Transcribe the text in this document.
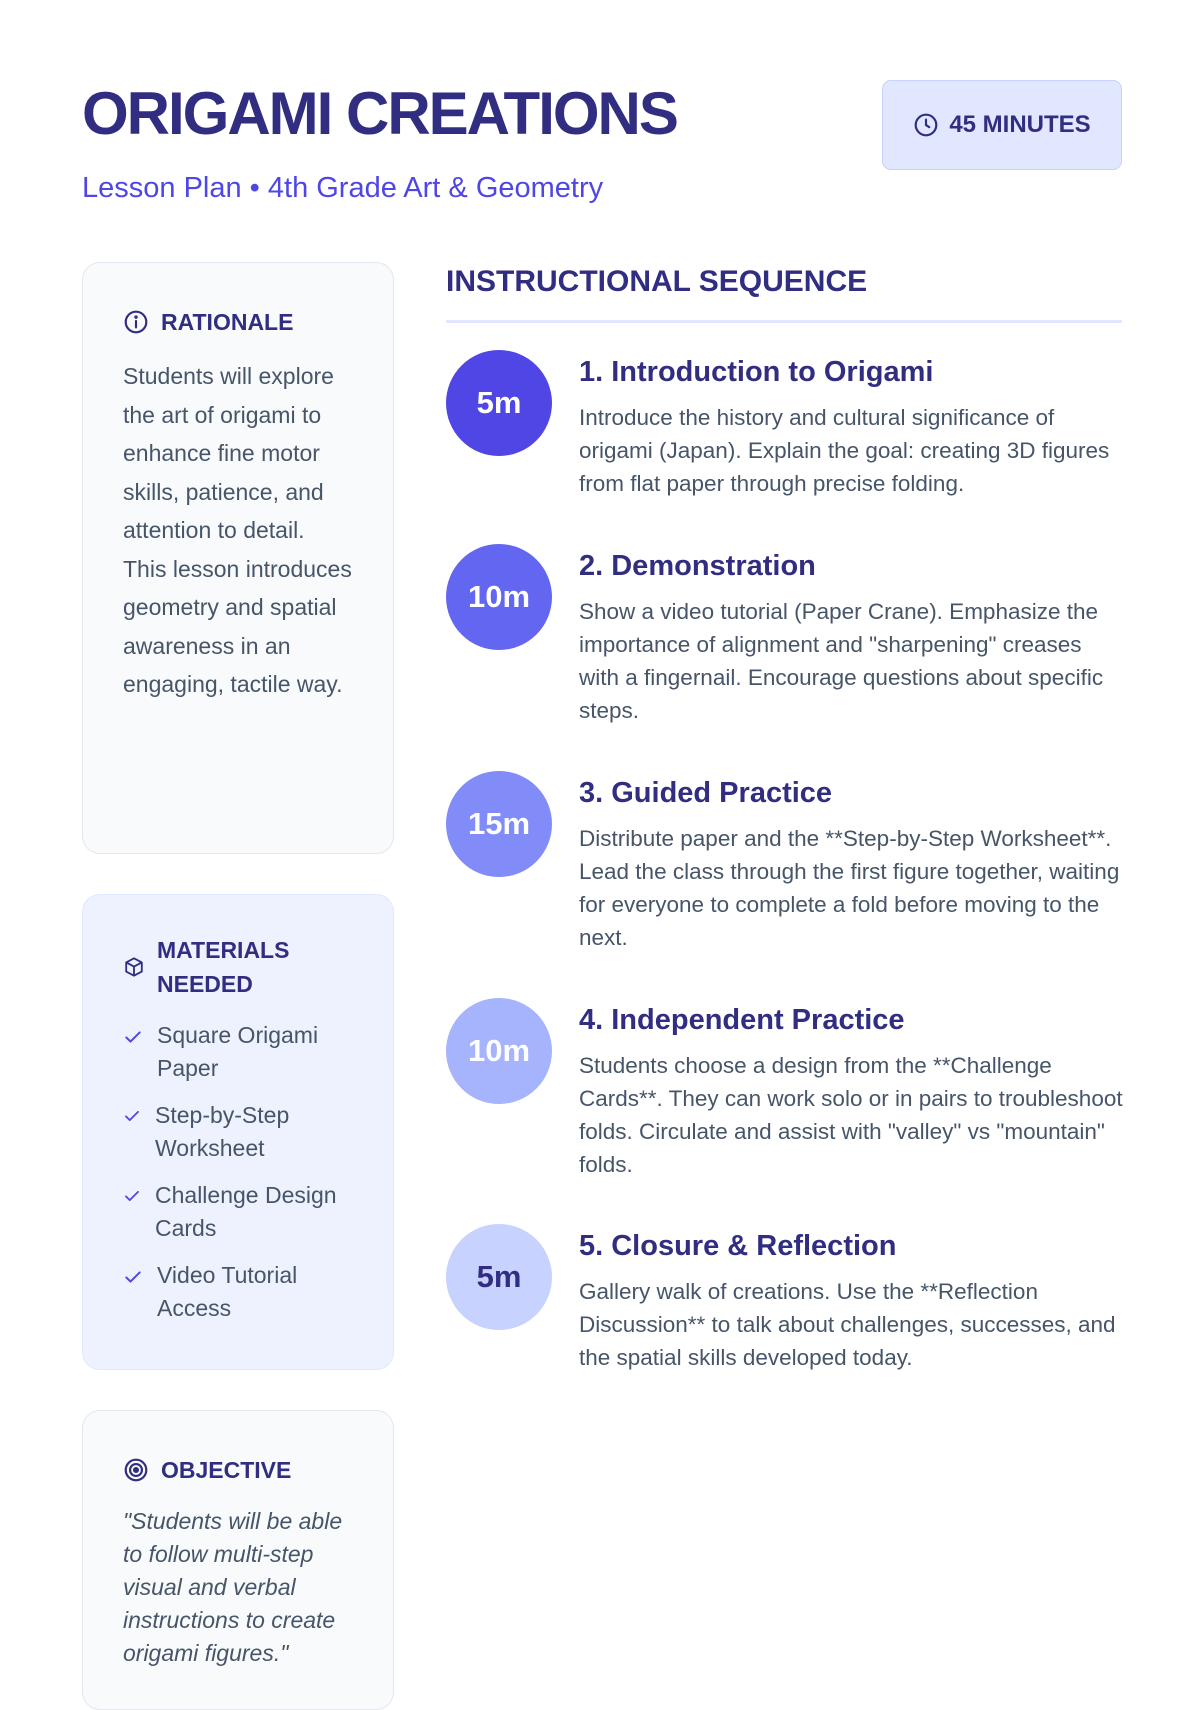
ORIGAMI CREATIONS
Lesson Plan • 4th Grade Art & Geometry
45 MINUTES
RATIONALE

Students will explore the art of origami to enhance fine motor skills, patience, and attention to detail. This lesson introduces geometry and spatial awareness in an engaging, tactile way.

MATERIALS NEEDED
Square Origami Paper
Step-by-Step Worksheet
Challenge Design Cards
Video Tutorial Access
OBJECTIVE

"Students will be able to follow multi-step visual and verbal instructions to create origami figures."

INSTRUCTIONAL SEQUENCE
5m
1. Introduction to Origami

Introduce the history and cultural significance of origami (Japan). Explain the goal: creating 3D figures from flat paper through precise folding.

10m
2. Demonstration

Show a video tutorial (Paper Crane). Emphasize the importance of alignment and "sharpening" creases with a fingernail. Encourage questions about specific steps.

15m
3. Guided Practice

Distribute paper and the **Step-by-Step Worksheet**. Lead the class through the first figure together, waiting for everyone to complete a fold before moving to the next.

10m
4. Independent Practice

Students choose a design from the **Challenge Cards**. They can work solo or in pairs to troubleshoot folds. Circulate and assist with "valley" vs "mountain" folds.

5m
5. Closure & Reflection

Gallery walk of creations. Use the **Reflection Discussion** to talk about challenges, successes, and the spatial skills developed today.
